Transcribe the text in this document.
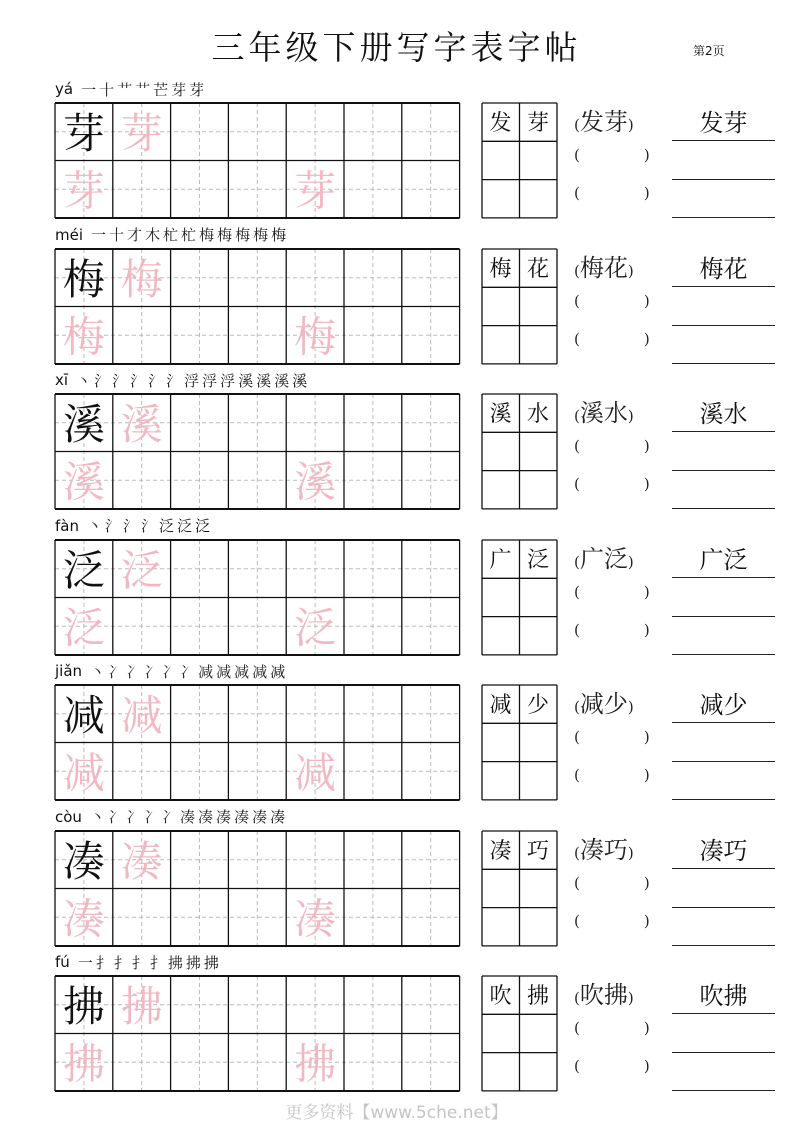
三年级下册写字表字帖	第2页
yá 一 十 艹 艹 芒 芽 芽
芽 芽
芽	芽
发 芽	(发芽)
(	)
(	)
发芽
méi 一 十 才 木 杧 杧 梅 梅 梅 梅 梅
梅 梅
梅	梅
梅 花	(梅花)
(	)
(	)
梅花
xī 丶 氵 氵 氵 氵 氵 浮 浮 浮 溪 溪 溪 溪
溪 溪
溪	溪
溪 水	(溪水)
(	)
(	)
溪水
fàn 丶 氵 氵 氵 泛 泛 泛
泛 泛
泛	泛
广 泛	(广泛)
(	)
(	)
广泛
jiǎn 丶 冫 冫 冫 冫 冫 减 减 减 减 减
减 减
减	减
减 少	(减少)
(	)
(	)
减少
còu 丶 冫 冫 冫 冫 凑 凑 凑 凑 凑 凑
凑 凑
凑	凑
凑 巧	(凑巧)
(	)
(	)
凑巧
fú 一 扌 扌 扌 扌 拂 拂 拂
拂 拂
拂	拂
吹 拂	(吹拂)
(	)
(	)
吹拂
更多资料【www.5che.net】
